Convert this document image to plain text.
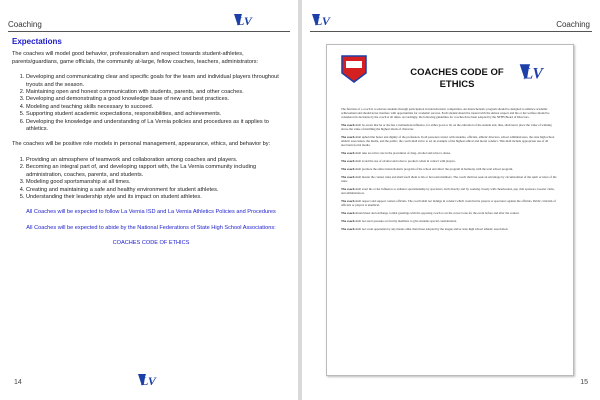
Coaching	LV
Expectations

The coaches will model good behavior, professionalism and respect towards student-athletes, parents/guardians, game officials, the community at-large, fellow coaches, teachers, administrators:

1. Developing and communicating clear and specific goals for the team and individual players throughout tryouts and the season.
2. Maintaining open and honest communication with students, parents, and other coaches.
3. Developing and demonstrating a good knowledge base of new and best practices.
4. Modeling and teaching skills necessary to succeed.
5. Supporting student academic expectations, responsibilities, and achievements.
6. Developing the knowledge and understanding of La Vernia policies and procedures as it applies to athletics.

The coaches will be positive role models in personal management, appearance, ethics, and behavior by:

1. Providing an atmosphere of teamwork and collaboration among coaches and players.
2. Becoming an integral part of, and developing rapport with, the La Vernia community including administration, coaches, parents, and students.
3. Modeling good sportsmanship at all times.
4. Creating and maintaining a safe and healthy environment for student athletes.
5. Understanding their leadership style and its impact on student athletes.

All Coaches will be expected to follow La Vernia ISD and La Vernia Athletics Policies and Procedures

All Coaches will be expected to abide by the National Federations of State High School Associations:

COACHES CODE OF ETHICS

14	LV
LV	Coaching
COACHES CODE OF ETHICS
LV

The function of a coach is to educate students through participation in interscholastic competition. An interscholastic program should be designed to enhance academic achievement and should never interfere with opportunities for academic success. Each student should be treated with the utmost respect and his or her welfare should be considered in decisions by the coach at all times. Accordingly, the following guidelines for coaches have been adopted by the NFHS Board of Directors.

The coach shall be aware that he or she has a tremendous influence, for either good or ill, on the education of the student and, thus, shall never place the value of winning above the value of instilling the highest ideals of character.

The coach shall uphold the honor and dignity of the profession. In all personal contact with students, officials, athletic directors, school administrators, the state high school athletic association, the media, and the public, the coach shall strive to set an example of the highest ethical and moral conduct. This shall include appropriate use of all electronic/social media.

The coach shall take an active role in the prevention of drug, alcohol and tobacco abuse.

The coach shall avoid the use of alcohol and tobacco products when in contact with players.

The coach shall promote the entire interscholastic program of the school and direct the program in harmony with the total school program.

The coach shall master the contest rules and shall teach them to his or her team members. The coach shall not seek an advantage by circumvention of the spirit or letter of the rules.

The coach shall exert his or her influence to enhance sportsmanship by spectators, both directly and by working closely with cheerleaders, pep club sponsors, booster clubs, and administrators.

The coach shall respect and support contest officials. The coach shall not indulge in conduct which would incite players or spectators against the officials. Public criticism of officials or players is unethical.

The coach should meet and exchange cordial greetings with the opposing coach to set the correct tone for the event before and after the contest.

The coach shall not exert pressure on faculty members to give students special consideration.

The coach shall not scout opponents by any means other than those adopted by the league and/or state high school athletic association.

15
